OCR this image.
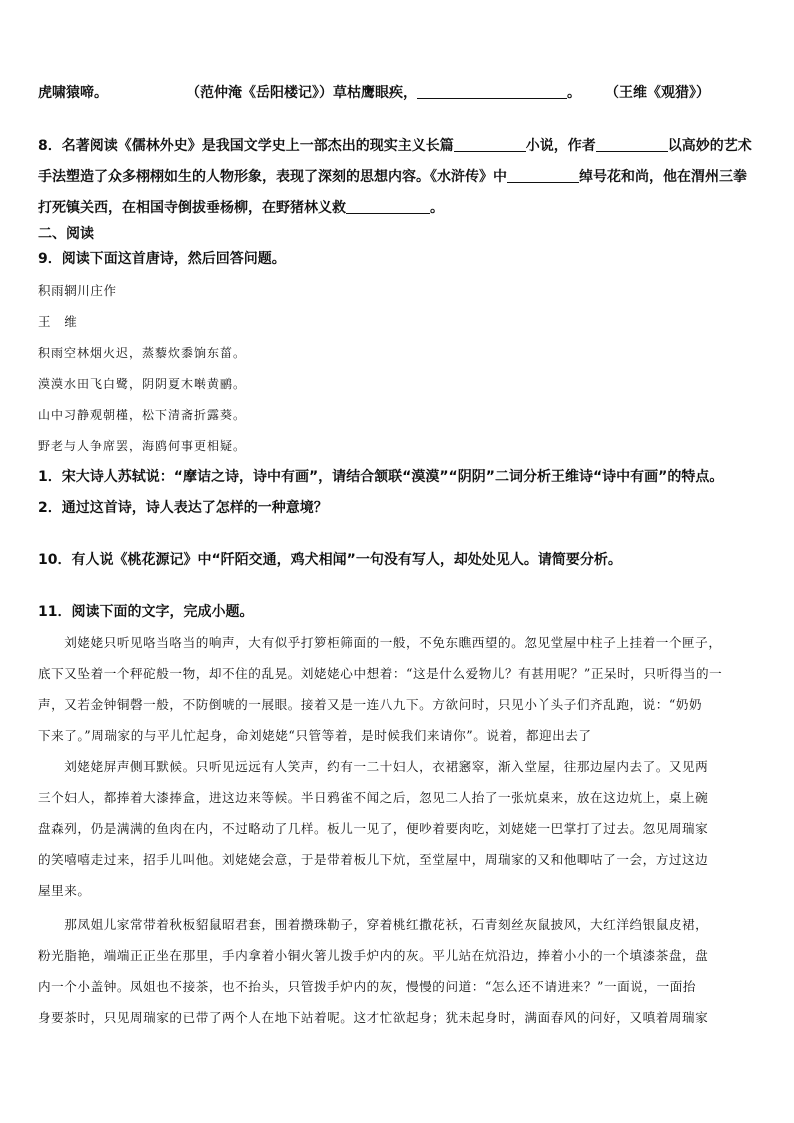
虎啸猿啼。	（范仲淹《岳阳楼记》）草枯鹰眼疾，	。 （王维《观猎》）
8．名著阅读《儒林外史》是我国文学史上一部杰出的现实主义长篇	小说，作者	以高妙的艺术
手法塑造了众多栩栩如生的人物形象，表现了深刻的思想内容。《水浒传》中	绰号花和尚，他在渭州三拳
打死镇关西，在相国寺倒拔垂杨柳，在野猪林义救	。
二、阅读
9．阅读下面这首唐诗，然后回答问题。
积雨辋川庄作
王　维
积雨空林烟火迟，蒸藜炊黍饷东菑。
漠漠水田飞白鹭，阴阴夏木啭黄鹂。
山中习静观朝槿，松下清斋折露葵。
野老与人争席罢，海鸥何事更相疑。
1．宋大诗人苏轼说：“摩诘之诗，诗中有画”，请结合颔联“漠漠”“阴阴”二词分析王维诗“诗中有画”的特点。
2．通过这首诗，诗人表达了怎样的一种意境？
10．有人说《桃花源记》中“阡陌交通，鸡犬相闻”一句没有写人，却处处见人。请简要分析。
11．阅读下面的文字，完成小题。
　　刘姥姥只听见咯当咯当的响声，大有似乎打箩柜筛面的一般，不免东瞧西望的。忽见堂屋中柱子上挂着一个匣子，
底下又坠着一个秤砣般一物，却不住的乱晃。刘姥姥心中想着：“这是什么爱物儿？有甚用呢？”正呆时，只听得当的一
声，又若金钟铜磬一般，不防倒唬的一展眼。接着又是一连八九下。方欲问时，只见小丫头子们齐乱跑，说：“奶奶
下来了。”周瑞家的与平儿忙起身，命刘姥姥“只管等着，是时候我们来请你”。说着，都迎出去了
　　刘姥姥屏声侧耳默候。只听见远远有人笑声，约有一二十妇人，衣裙窸窣，渐入堂屋，往那边屋内去了。又见两
三个妇人，都捧着大漆捧盒，进这边来等候。半日鸦雀不闻之后，忽见二人抬了一张炕桌来，放在这边炕上，桌上碗
盘森列，仍是满满的鱼肉在内，不过略动了几样。板儿一见了，便吵着要肉吃，刘姥姥一巴掌打了过去。忽见周瑞家
的笑嘻嘻走过来，招手儿叫他。刘姥姥会意，于是带着板儿下炕，至堂屋中，周瑞家的又和他唧咕了一会，方过这边
屋里来。
　　那凤姐儿家常带着秋板貂鼠昭君套，围着攒珠勒子，穿着桃红撒花袄，石青刻丝灰鼠披风，大红洋绉银鼠皮裙，
粉光脂艳，端端正正坐在那里，手内拿着小铜火箸儿拨手炉内的灰。平儿站在炕沿边，捧着小小的一个填漆茶盘，盘
内一个小盖钟。凤姐也不接茶，也不抬头，只管拨手炉内的灰，慢慢的问道：“怎么还不请进来？”一面说，一面抬
身要茶时，只见周瑞家的已带了两个人在地下站着呢。这才忙欲起身；犹未起身时，满面春风的问好，又嗔着周瑞家
